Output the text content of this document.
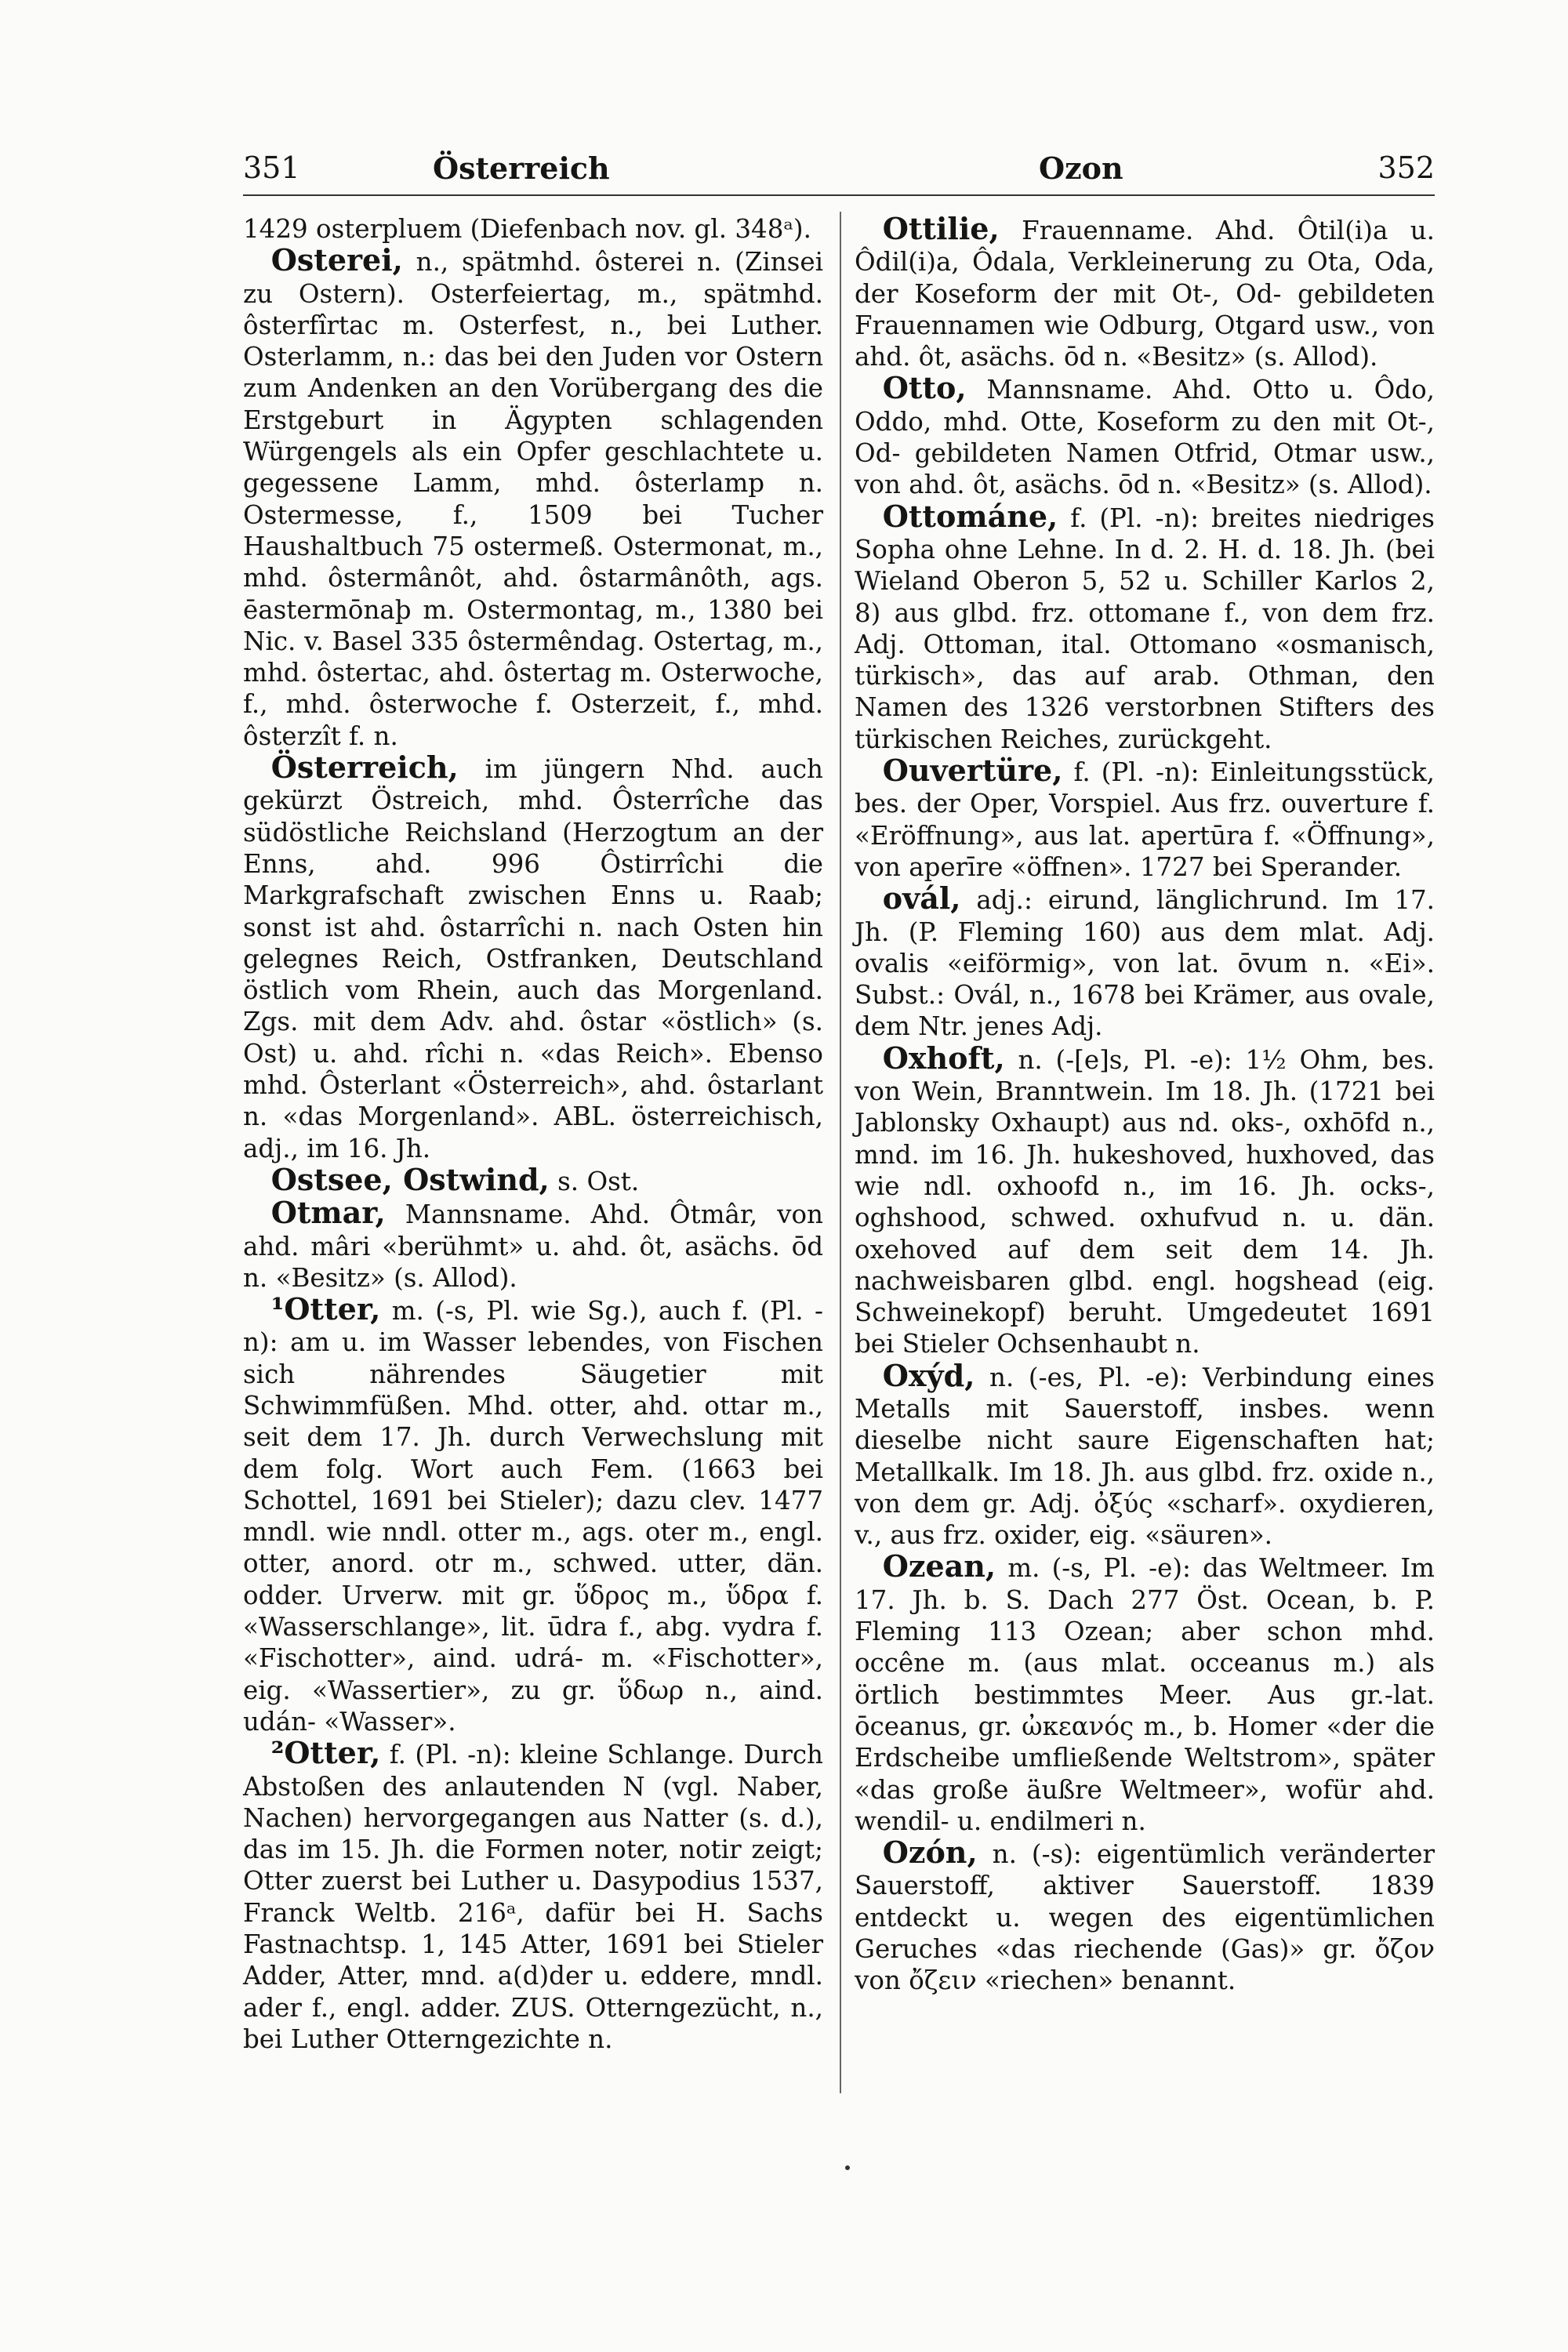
351	Österreich	Ozon	352

1429 osterpluem (Diefenbach nov. gl. 348ᵃ).

Osterei, n., spätmhd. ôsterei n. (Zinsei zu Ostern). Osterfeiertag, m., spätmhd. ôsterfîrtac m. Osterfest, n., bei Luther. Osterlamm, n.: das bei den Juden vor Ostern zum Andenken an den Vorübergang des die Erstgeburt in Ägypten schlagenden Würgengels als ein Opfer geschlachtete u. gegessene Lamm, mhd. ôsterlamp n. Ostermesse, f., 1509 bei Tucher Haushaltbuch 75 ostermeß. Ostermonat, m., mhd. ôstermânôt, ahd. ôstarmânôth, ags. ēastermōnaþ m. Ostermontag, m., 1380 bei Nic. v. Basel 335 ôstermêndag. Ostertag, m., mhd. ôstertac, ahd. ôstertag m. Osterwoche, f., mhd. ôsterwoche f. Osterzeit, f., mhd. ôsterzît f. n.

Österreich, im jüngern Nhd. auch gekürzt Östreich, mhd. Ôsterrîche das südöstliche Reichsland (Herzogtum an der Enns, ahd. 996 Ôstirrîchi die Markgrafschaft zwischen Enns u. Raab; sonst ist ahd. ôstarrîchi n. nach Osten hin gelegnes Reich, Ostfranken, Deutschland östlich vom Rhein, auch das Morgenland. Zgs. mit dem Adv. ahd. ôstar «östlich» (s. Ost) u. ahd. rîchi n. «das Reich». Ebenso mhd. Ôsterlant «Österreich», ahd. ôstarlant n. «das Morgenland». ABL. österreichisch, adj., im 16. Jh.

Ostsee, Ostwind, s. Ost.

Otmar, Mannsname. Ahd. Ôtmâr, von ahd. mâri «berühmt» u. ahd. ôt, asächs. ōd n. «Besitz» (s. Allod).

¹Otter, m. (-s, Pl. wie Sg.), auch f. (Pl. -n): am u. im Wasser lebendes, von Fischen sich nährendes Säugetier mit Schwimmfüßen. Mhd. otter, ahd. ottar m., seit dem 17. Jh. durch Verwechslung mit dem folg. Wort auch Fem. (1663 bei Schottel, 1691 bei Stieler); dazu clev. 1477 mndl. wie nndl. otter m., ags. oter m., engl. otter, anord. otr m., schwed. utter, dän. odder. Urverw. mit gr. ὕδρος m., ὕδρα f. «Wasserschlange», lit. ūdra f., abg. vydra f. «Fischotter», aind. udrá- m. «Fischotter», eig. «Wassertier», zu gr. ὕδωρ n., aind. udán- «Wasser».

²Otter, f. (Pl. -n): kleine Schlange. Durch Abstoßen des anlautenden N (vgl. Naber, Nachen) hervorgegangen aus Natter (s. d.), das im 15. Jh. die Formen noter, notir zeigt; Otter zuerst bei Luther u. Dasypodius 1537, Franck Weltb. 216ᵃ, dafür bei H. Sachs Fastnachtsp. 1, 145 Atter, 1691 bei Stieler Adder, Atter, mnd. a(d)der u. eddere, mndl. ader f., engl. adder. ZUS. Otterngezücht, n., bei Luther Otterngezichte n.

Ottilie, Frauenname. Ahd. Ôtil(i)a u. Ôdil(i)a, Ôdala, Verkleinerung zu Ota, Oda, der Koseform der mit Ot-, Od- gebildeten Frauennamen wie Odburg, Otgard usw., von ahd. ôt, asächs. ōd n. «Besitz» (s. Allod).

Otto, Mannsname. Ahd. Otto u. Ôdo, Oddo, mhd. Otte, Koseform zu den mit Ot-, Od- gebildeten Namen Otfrid, Otmar usw., von ahd. ôt, asächs. ōd n. «Besitz» (s. Allod).

Ottománe, f. (Pl. -n): breites niedriges Sopha ohne Lehne. In d. 2. H. d. 18. Jh. (bei Wieland Oberon 5, 52 u. Schiller Karlos 2, 8) aus glbd. frz. ottomane f., von dem frz. Adj. Ottoman, ital. Ottomano «osmanisch, türkisch», das auf arab. Othman, den Namen des 1326 verstorbnen Stifters des türkischen Reiches, zurückgeht.

Ouvertüre, f. (Pl. -n): Einleitungsstück, bes. der Oper, Vorspiel. Aus frz. ouverture f. «Eröffnung», aus lat. apertūra f. «Öffnung», von aperīre «öffnen». 1727 bei Sperander.

ovál, adj.: eirund, länglichrund. Im 17. Jh. (P. Fleming 160) aus dem mlat. Adj. ovalis «eiförmig», von lat. ōvum n. «Ei». Subst.: Ovál, n., 1678 bei Krämer, aus ovale, dem Ntr. jenes Adj.

Oxhoft, n. (-[e]s, Pl. -e): 1½ Ohm, bes. von Wein, Branntwein. Im 18. Jh. (1721 bei Jablonsky Oxhaupt) aus nd. oks-, oxhōfd n., mnd. im 16. Jh. hukeshoved, huxhoved, das wie ndl. oxhoofd n., im 16. Jh. ocks-, oghshood, schwed. oxhufvud n. u. dän. oxehoved auf dem seit dem 14. Jh. nachweisbaren glbd. engl. hogshead (eig. Schweinekopf) beruht. Umgedeutet 1691 bei Stieler Ochsenhaubt n.

Oxýd, n. (-es, Pl. -e): Verbindung eines Metalls mit Sauerstoff, insbes. wenn dieselbe nicht saure Eigenschaften hat; Metallkalk. Im 18. Jh. aus glbd. frz. oxide n., von dem gr. Adj. ὀξύς «scharf». oxydieren, v., aus frz. oxider, eig. «säuren».

Ozean, m. (-s, Pl. -e): das Weltmeer. Im 17. Jh. b. S. Dach 277 Öst. Ocean, b. P. Fleming 113 Ozean; aber schon mhd. occêne m. (aus mlat. occeanus m.) als örtlich bestimmtes Meer. Aus gr.-lat. ōceanus, gr. ὠκεανός m., b. Homer «der die Erdscheibe umfließende Weltstrom», später «das große äußre Weltmeer», wofür ahd. wendil- u. endilmeri n.

Ozón, n. (-s): eigentümlich veränderter Sauerstoff, aktiver Sauerstoff. 1839 entdeckt u. wegen des eigentümlichen Geruches «das riechende (Gas)» gr. ὄζον von ὄζειν «riechen» benannt.
